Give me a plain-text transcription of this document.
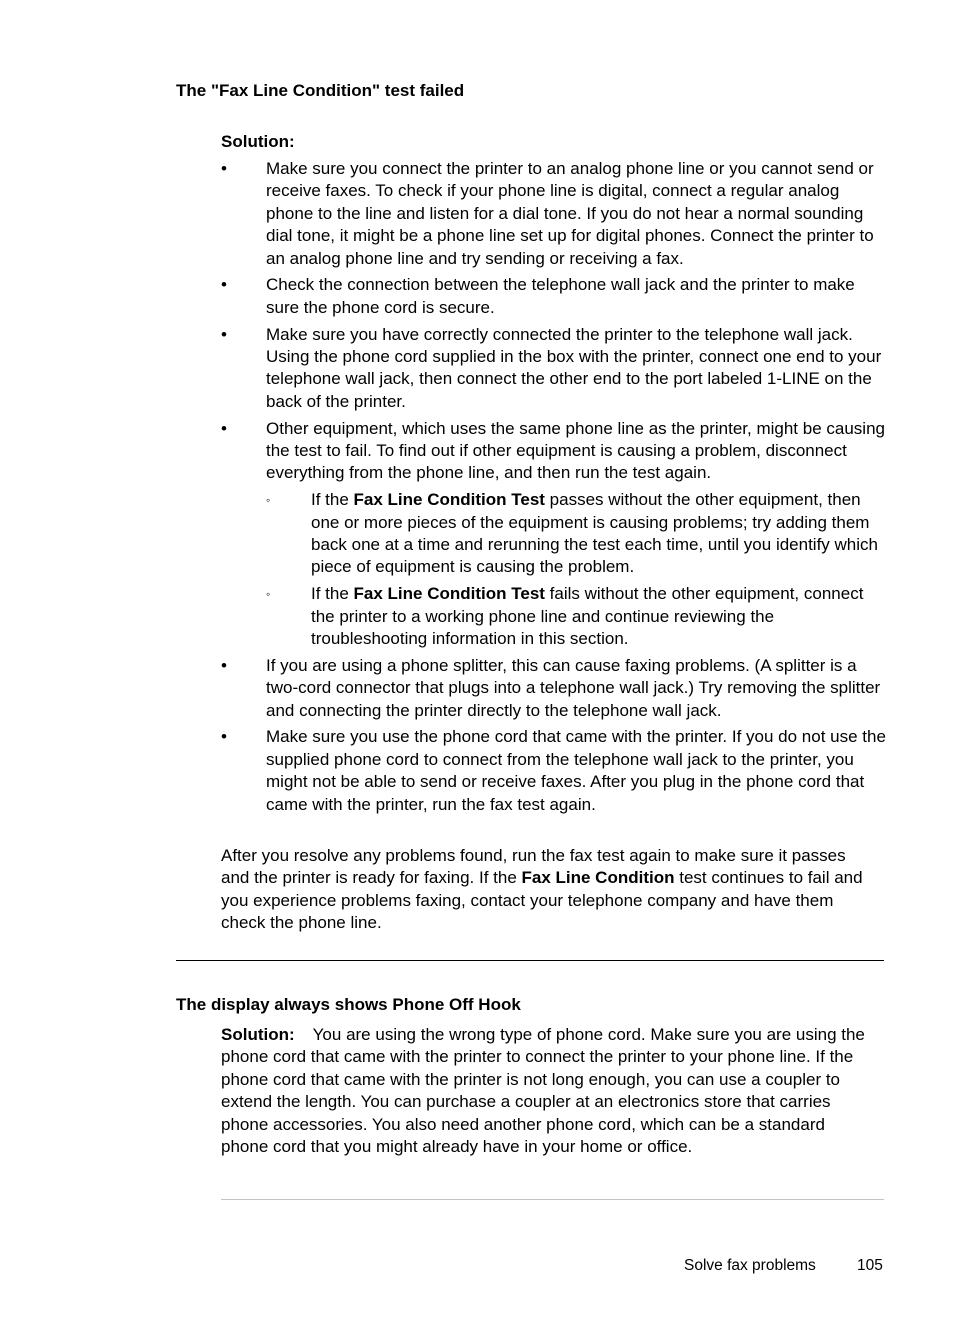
The "Fax Line Condition" test failed
Solution:
• Make sure you connect the printer to an analog phone line or you cannot send or receive faxes. To check if your phone line is digital, connect a regular analog phone to the line and listen for a dial tone. If you do not hear a normal sounding dial tone, it might be a phone line set up for digital phones. Connect the printer to an analog phone line and try sending or receiving a fax.
• Check the connection between the telephone wall jack and the printer to make sure the phone cord is secure.
• Make sure you have correctly connected the printer to the telephone wall jack. Using the phone cord supplied in the box with the printer, connect one end to your telephone wall jack, then connect the other end to the port labeled 1-LINE on the back of the printer.
• Other equipment, which uses the same phone line as the printer, might be causing the test to fail. To find out if other equipment is causing a problem, disconnect everything from the phone line, and then run the test again.
◦ If the Fax Line Condition Test passes without the other equipment, then one or more pieces of the equipment is causing problems; try adding them back one at a time and rerunning the test each time, until you identify which piece of equipment is causing the problem.
◦ If the Fax Line Condition Test fails without the other equipment, connect the printer to a working phone line and continue reviewing the troubleshooting information in this section.
• If you are using a phone splitter, this can cause faxing problems. (A splitter is a two-cord connector that plugs into a telephone wall jack.) Try removing the splitter and connecting the printer directly to the telephone wall jack.
• Make sure you use the phone cord that came with the printer. If you do not use the supplied phone cord to connect from the telephone wall jack to the printer, you might not be able to send or receive faxes. After you plug in the phone cord that came with the printer, run the fax test again.
After you resolve any problems found, run the fax test again to make sure it passes and the printer is ready for faxing. If the Fax Line Condition test continues to fail and you experience problems faxing, contact your telephone company and have them check the phone line.
The display always shows Phone Off Hook
Solution: You are using the wrong type of phone cord. Make sure you are using the phone cord that came with the printer to connect the printer to your phone line. If the phone cord that came with the printer is not long enough, you can use a coupler to extend the length. You can purchase a coupler at an electronics store that carries phone accessories. You also need another phone cord, which can be a standard phone cord that you might already have in your home or office.
Solve fax problems	105
